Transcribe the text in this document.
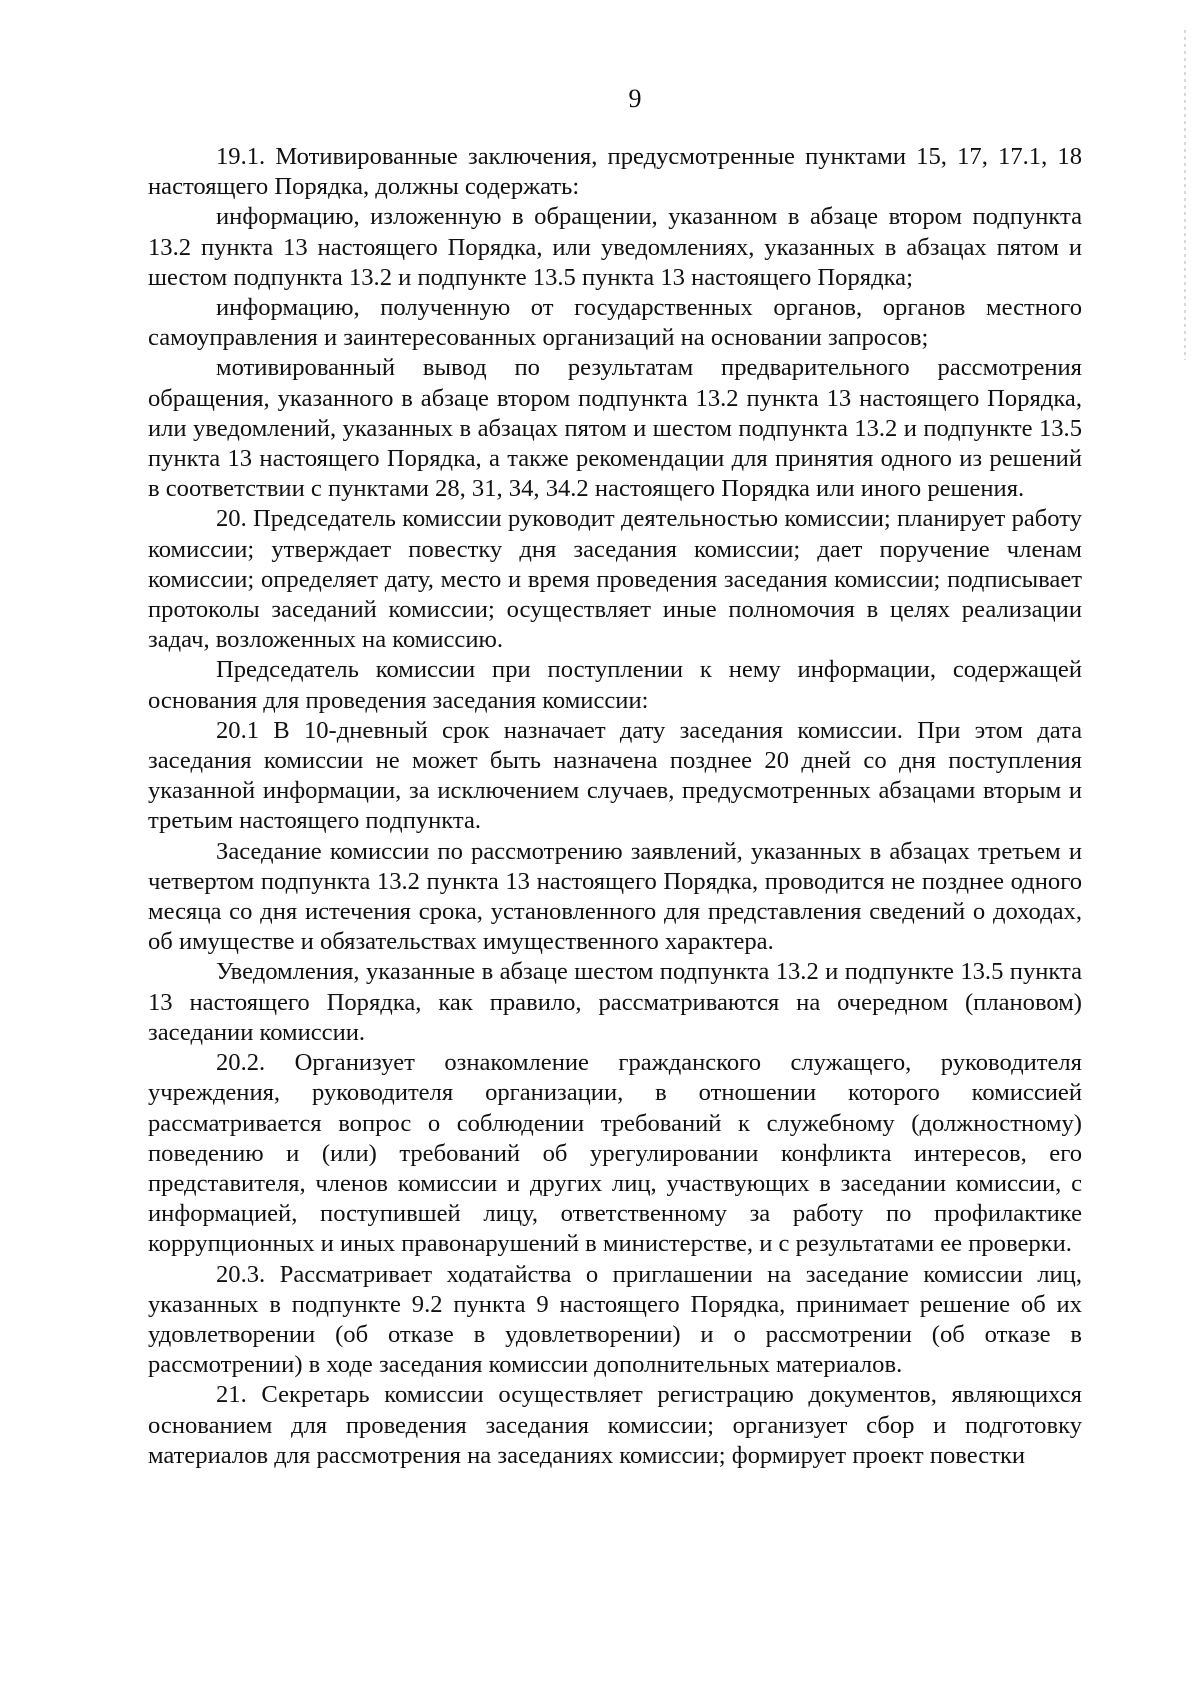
9

19.1. Мотивированные заключения, предусмотренные пунктами 15, 17, 17.1, 18 настоящего Порядка, должны содержать:

информацию, изложенную в обращении, указанном в абзаце втором подпункта 13.2 пункта 13 настоящего Порядка, или уведомлениях, указанных в абзацах пятом и шестом подпункта 13.2 и подпункте 13.5 пункта 13 настоящего Порядка;

информацию, полученную от государственных органов, органов местного самоуправления и заинтересованных организаций на основании запросов;

мотивированный вывод по результатам предварительного рассмотрения обращения, указанного в абзаце втором подпункта 13.2 пункта 13 настоящего Порядка, или уведомлений, указанных в абзацах пятом и шестом подпункта 13.2 и подпункте 13.5 пункта 13 настоящего Порядка, а также рекомендации для принятия одного из решений в соответствии с пунктами 28, 31, 34, 34.2 настоящего Порядка или иного решения.

20. Председатель комиссии руководит деятельностью комиссии; планирует работу комиссии; утверждает повестку дня заседания комиссии; дает поручение членам комиссии; определяет дату, место и время проведения заседания комиссии; подписывает протоколы заседаний комиссии; осуществляет иные полномочия в целях реализации задач, возложенных на комиссию.

Председатель комиссии при поступлении к нему информации, содержащей основания для проведения заседания комиссии:

20.1 В 10-дневный срок назначает дату заседания комиссии. При этом дата заседания комиссии не может быть назначена позднее 20 дней со дня поступления указанной информации, за исключением случаев, предусмотренных абзацами вторым и третьим настоящего подпункта.

Заседание комиссии по рассмотрению заявлений, указанных в абзацах третьем и четвертом подпункта 13.2 пункта 13 настоящего Порядка, проводится не позднее одного месяца со дня истечения срока, установленного для представления сведений о доходах, об имуществе и обязательствах имущественного характера.

Уведомления, указанные в абзаце шестом подпункта 13.2 и подпункте 13.5 пункта 13 настоящего Порядка, как правило, рассматриваются на очередном (плановом) заседании комиссии.

20.2. Организует ознакомление гражданского служащего, руководителя учреждения, руководителя организации, в отношении которого комиссией рассматривается вопрос о соблюдении требований к служебному (должностному) поведению и (или) требований об урегулировании конфликта интересов, его представителя, членов комиссии и других лиц, участвующих в заседании комиссии, с информацией, поступившей лицу, ответственному за работу по профилактике коррупционных и иных правонарушений в министерстве, и с результатами ее проверки.

20.3. Рассматривает ходатайства о приглашении на заседание комиссии лиц, указанных в подпункте 9.2 пункта 9 настоящего Порядка, принимает решение об их удовлетворении (об отказе в удовлетворении) и о рассмотрении (об отказе в рассмотрении) в ходе заседания комиссии дополнительных материалов.

21. Секретарь комиссии осуществляет регистрацию документов, являющихся основанием для проведения заседания комиссии; организует сбор и подготовку материалов для рассмотрения на заседаниях комиссии; формирует проект повестки
